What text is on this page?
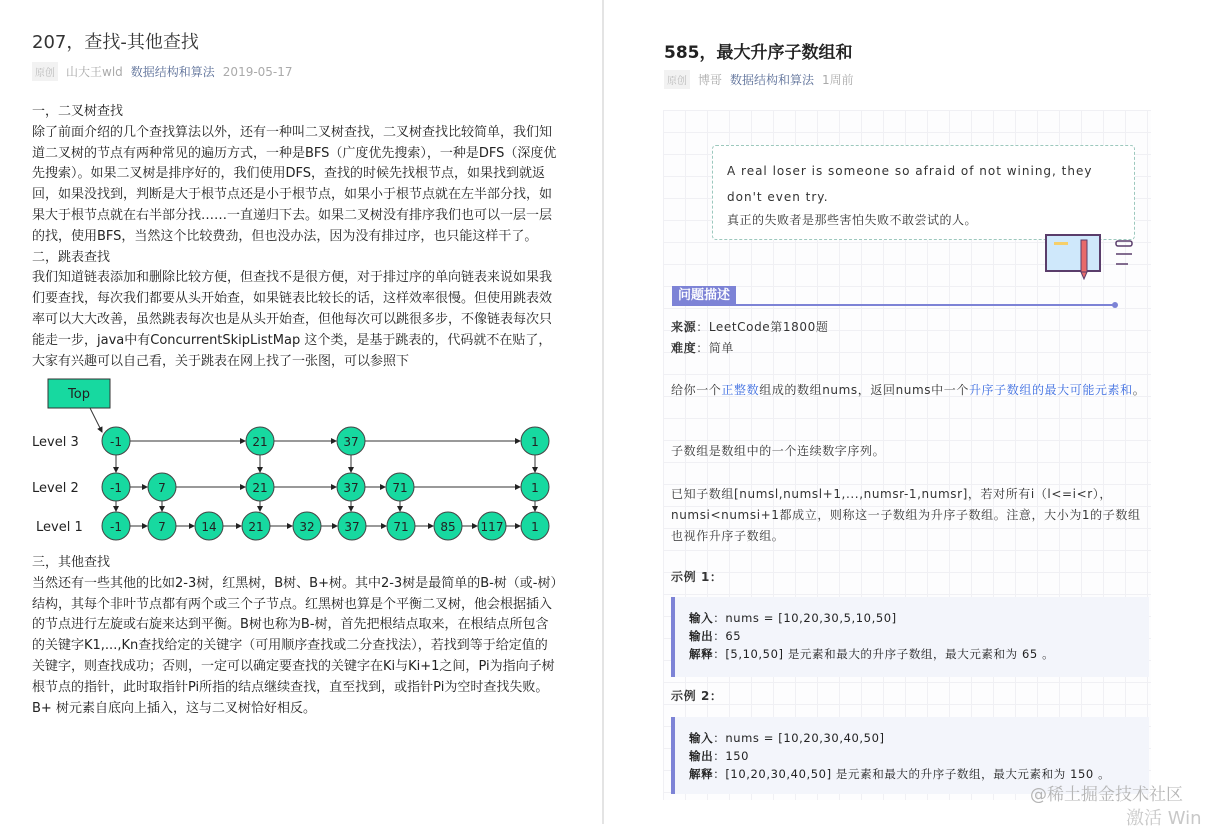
207，查找-其他查找
原创 山大王wld 数据结构和算法 2019-05-17

一，二叉树查找

除了前面介绍的几个查找算法以外，还有一种叫二叉树查找，二叉树查找比较简单，我们知道二叉树的节点有两种常见的遍历方式，一种是BFS（广度优先搜索），一种是DFS（深度优先搜索）。如果二叉树是排序好的，我们使用DFS，查找的时候先找根节点，如果找到就返回，如果没找到，判断是大于根节点还是小于根节点，如果小于根节点就在左半部分找，如果大于根节点就在右半部分找……一直递归下去。如果二叉树没有排序我们也可以一层一层的找，使用BFS，当然这个比较费劲，但也没办法，因为没有排过序，也只能这样干了。

二，跳表查找

我们知道链表添加和删除比较方便，但查找不是很方便，对于排过序的单向链表来说如果我们要查找，每次我们都要从头开始查，如果链表比较长的话，这样效率很慢。但使用跳表效率可以大大改善，虽然跳表每次也是从头开始查，但他每次可以跳很多步，不像链表每次只能走一步，java中有ConcurrentSkipListMap 这个类，是基于跳表的，代码就不在贴了，大家有兴趣可以自己看，关于跳表在网上找了一张图，可以参照下

Top
Level 3	-1	21	37	1
Level 2	-1	7	21	37	71	1
Level 1 -1	7	14	21	32 37	71	85 117 1

三，其他查找

当然还有一些其他的比如2-3树，红黑树，B树、B+树。其中2-3树是最简单的B-树（或-树）结构，其每个非叶节点都有两个或三个子节点。红黑树也算是个平衡二叉树，他会根据插入的节点进行左旋或右旋来达到平衡。B树也称为B-树，首先把根结点取来，在根结点所包含的关键字K1,...,Kn查找给定的关键字（可用顺序查找或二分查找法），若找到等于给定值的关键字，则查找成功；否则，一定可以确定要查找的关键字在Ki与Ki+1之间，Pi为指向子树根节点的指针，此时取指针Pi所指的结点继续查找，直至找到，或指针Pi为空时查找失败。B+ 树元素自底向上插入，这与二叉树恰好相反。

585，最大升序子数组和
原创 博哥 数据结构和算法 1周前
A real loser is someone so afraid of not wining, they
don't even try.
真正的失败者是那些害怕失败不敢尝试的人。
问题描述
来源：LeetCode第1800题
难度：简单
给你一个正整数组成的数组nums，返回nums中一个升序子数组的最大可能元素和。
子数组是数组中的一个连续数字序列。
已知子数组[numsl,numsl+1,...,numsr-1,numsr]，若对所有i（l<=i<r），numsi<numsi+1都成立，则称这一子数组为升序子数组。注意，大小为1的子数组也视作升序子数组。
示例 1：
输入：nums = [10,20,30,5,10,50]
输出：65
解释：[5,10,50] 是元素和最大的升序子数组，最大元素和为 65 。
示例 2：
输入：nums = [10,20,30,40,50]
输出：150
解释：[10,20,30,40,50] 是元素和最大的升序子数组，最大元素和为 150 。
@稀土掘金技术社区
激活 Win
